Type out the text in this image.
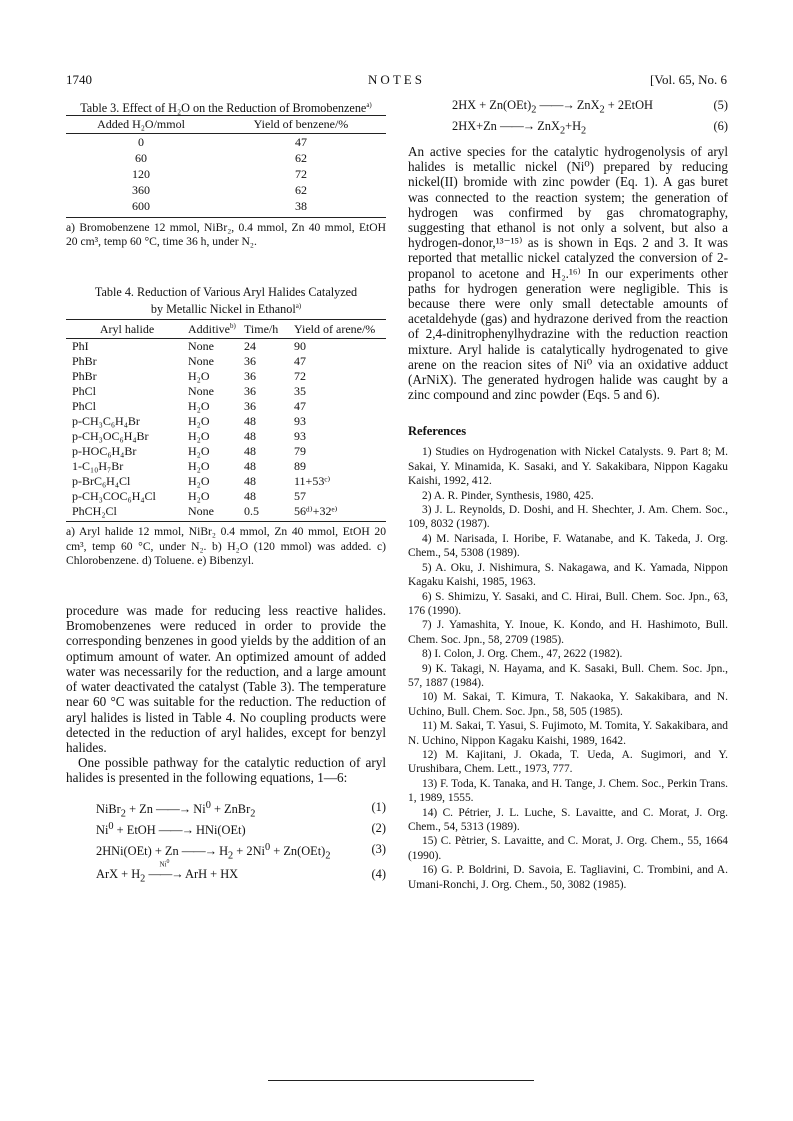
1740	NOTES	[Vol. 65, No. 6
Table 3. Effect of H₂O on the Reduction of Bromobenzene$^{a)}$
Added H₂O/mmol	Yield of benzene/%

0	47
60	62
120	72
360	62
600	38
a) Bromobenzene 12 mmol, NiBr₂, 0.4 mmol, Zn 40 mmol, EtOH 20 cm³, temp 60 °C, time 36 h, under N₂.
Table 4. Reduction of Various Aryl Halides Catalyzed
by Metallic Nickel in Ethanol$^{a)}$
Aryl halide	Additive$^{b)}$	Time/h	Yield of arene/%

PhI	None	24	90
PhBr	None	36	47
PhBr	H₂O	36	72
PhCl	None	36	35
PhCl	H₂O	36	47
p-CH₃C₆H₄Br	H₂O	48	93
p-CH₃OC₆H₄Br	H₂O	48	93
p-HOC₆H₄Br	H₂O	48	79
1-C₁₀H₇Br	H₂O	48	89
p-BrC₆H₄Cl	H₂O	48	11+53ᶜ⁾
p-CH₃COC₆H₄Cl	H₂O	48	57
PhCH₂Cl	None	0.5	56ᵈ⁾+32ᵉ⁾
a) Aryl halide 12 mmol, NiBr₂ 0.4 mmol, Zn 40 mmol, EtOH 20 cm³, temp 60 °C, under N₂. b) H₂O (120 mmol) was added. c) Chlorobenzene. d) Toluene. e) Bibenzyl.

procedure was made for reducing less reactive halides. Bromobenzenes were reduced in order to provide the corresponding benzenes in good yields by the addition of an optimum amount of water. An optimized amount of added water was necessarily for the reduction, and a large amount of water deactivated the catalyst (Table 3). The temperature near 60 °C was suitable for the reduction. The reduction of aryl halides is listed in Table 4. No coupling products were detected in the reduction of aryl halides, except for benzyl halides.

One possible pathway for the catalytic reduction of aryl halides is presented in the following equations, 1—6:

NiBr$_2$ + Zn ——→ $Ni^0$ + ZnBr$_2$
(1)
$Ni^0$ + EtOH ——→ HNi(OEt)	(2)
2HNi(OEt) + Zn ——→ $H_2 + 2Ni^0 + Zn(OEt)_2$
(3)
ArX + $H_2$
Ni$^0$
——→ ArH + HX	(4)
$2HX + Zn(OEt)_2$ ——→ ZnX$_2$ + 2EtOH	(5)
2HX+Zn ——→ $ZnX_2+H_2$	(6)

An active species for the catalytic hydrogenolysis of aryl halides is metallic nickel (Ni⁰) prepared by reducing nickel(II) bromide with zinc powder (Eq. 1). A gas buret was connected to the reaction system; the generation of hydrogen was confirmed by gas chromatography, suggesting that ethanol is not only a solvent, but also a hydrogen-donor,¹³⁻¹⁵⁾ as is shown in Eqs. 2 and 3. It was reported that metallic nickel catalyzed the conversion of 2-propanol to acetone and H₂.¹⁶⁾ In our experiments other paths for hydrogen generation were negligible. This is because there were only small detectable amounts of acetaldehyde (gas) and hydrazone derived from the reaction of 2,4-dinitrophenylhydrazine with the reduction reaction mixture. Aryl halide is catalytically hydrogenated to give arene on the reacion sites of Ni⁰ via an oxidative adduct (ArNiX). The generated hydrogen halide was caught by a zinc compound and zinc powder (Eqs. 5 and 6).

References

1) Studies on Hydrogenation with Nickel Catalysts. 9. Part 8; M. Sakai, Y. Minamida, K. Sasaki, and Y. Sakakibara, Nippon Kagaku Kaishi, 1992, 412.

2) A. R. Pinder, Synthesis, 1980, 425.

3) J. L. Reynolds, D. Doshi, and H. Shechter, J. Am. Chem. Soc., 109, 8032 (1987).

4) M. Narisada, I. Horibe, F. Watanabe, and K. Takeda, J. Org. Chem., 54, 5308 (1989).

5) A. Oku, J. Nishimura, S. Nakagawa, and K. Yamada, Nippon Kagaku Kaishi, 1985, 1963.

6) S. Shimizu, Y. Sasaki, and C. Hirai, Bull. Chem. Soc. Jpn., 63, 176 (1990).

7) J. Yamashita, Y. Inoue, K. Kondo, and H. Hashimoto, Bull. Chem. Soc. Jpn., 58, 2709 (1985).

8) I. Colon, J. Org. Chem., 47, 2622 (1982).

9) K. Takagi, N. Hayama, and K. Sasaki, Bull. Chem. Soc. Jpn., 57, 1887 (1984).

10) M. Sakai, T. Kimura, T. Nakaoka, Y. Sakakibara, and N. Uchino, Bull. Chem. Soc. Jpn., 58, 505 (1985).

11) M. Sakai, T. Yasui, S. Fujimoto, M. Tomita, Y. Sakakibara, and N. Uchino, Nippon Kagaku Kaishi, 1989, 1642.

12) M. Kajitani, J. Okada, T. Ueda, A. Sugimori, and Y. Urushibara, Chem. Lett., 1973, 777.

13) F. Toda, K. Tanaka, and H. Tange, J. Chem. Soc., Perkin Trans. 1, 1989, 1555.

14) C. Pétrier, J. L. Luche, S. Lavaitte, and C. Morat, J. Org. Chem., 54, 5313 (1989).

15) C. Pètrier, S. Lavaitte, and C. Morat, J. Org. Chem., 55, 1664 (1990).

16) G. P. Boldrini, D. Savoia, E. Tagliavini, C. Trombini, and A. Umani-Ronchi, J. Org. Chem., 50, 3082 (1985).
